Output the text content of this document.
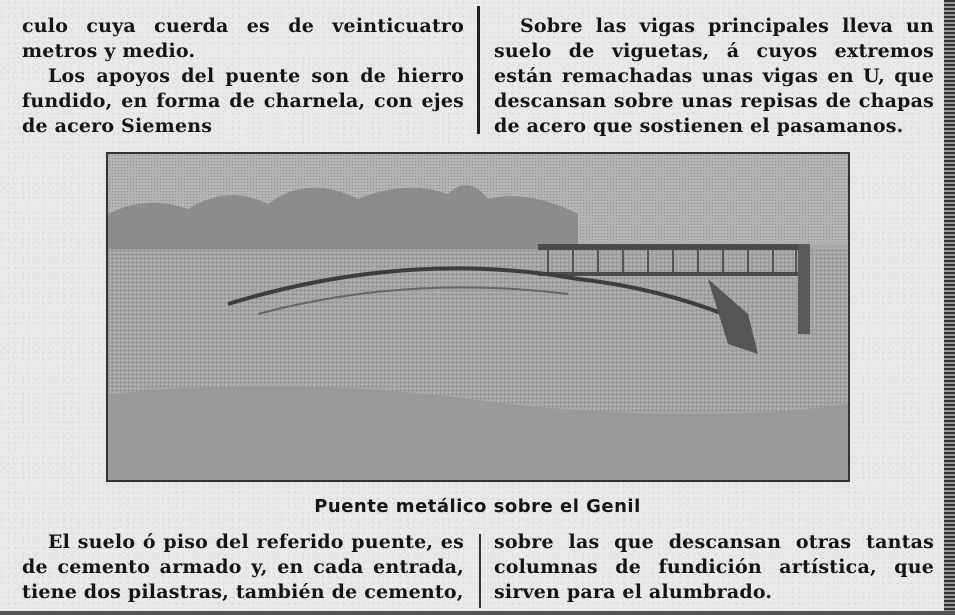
culo cuya cuerda es de veinticuatro metros y medio.

Los apoyos del puente son de hierro fundido, en forma de charnela, con ejes de acero Siemens

Sobre las vigas principales lleva un suelo de viguetas, á cuyos extremos están remachadas unas vigas en U, que descansan sobre unas repisas de chapas de acero que sostienen el pasamanos.

Puente metálico sobre el Genil

El suelo ó piso del referido puente, es de cemento armado y, en cada entrada, tiene dos pilastras, también de cemento,

sobre las que descansan otras tantas columnas de fundición artística, que sirven para el alumbrado.
